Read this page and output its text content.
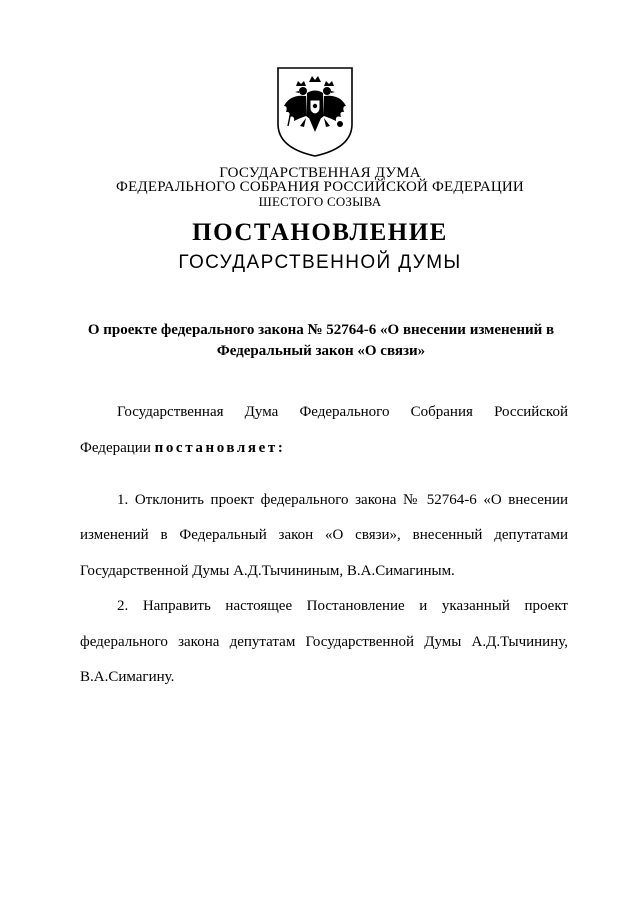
ГОСУДАРСТВЕННАЯ ДУМА
ФЕДЕРАЛЬНОГО СОБРАНИЯ РОССИЙСКОЙ ФЕДЕРАЦИИ
ШЕСТОГО СОЗЫВА
ПОСТАНОВЛЕНИЕ
ГОСУДАРСТВЕННОЙ ДУМЫ
О проекте федерального закона № 52764-6 «О внесении изменений в
Федеральный закон «О связи»
Государственная Дума Федерального Собрания Российской
Федерации постановляет:
1. Отклонить проект федерального закона № 52764-6 «О внесении
изменений в Федеральный закон «О связи», внесенный депутатами
Государственной Думы А.Д.Тычининым, В.А.Симагиным.
2. Направить настоящее Постановление и указанный проект
федерального закона депутатам Государственной Думы А.Д.Тычинину,
В.А.Симагину.
